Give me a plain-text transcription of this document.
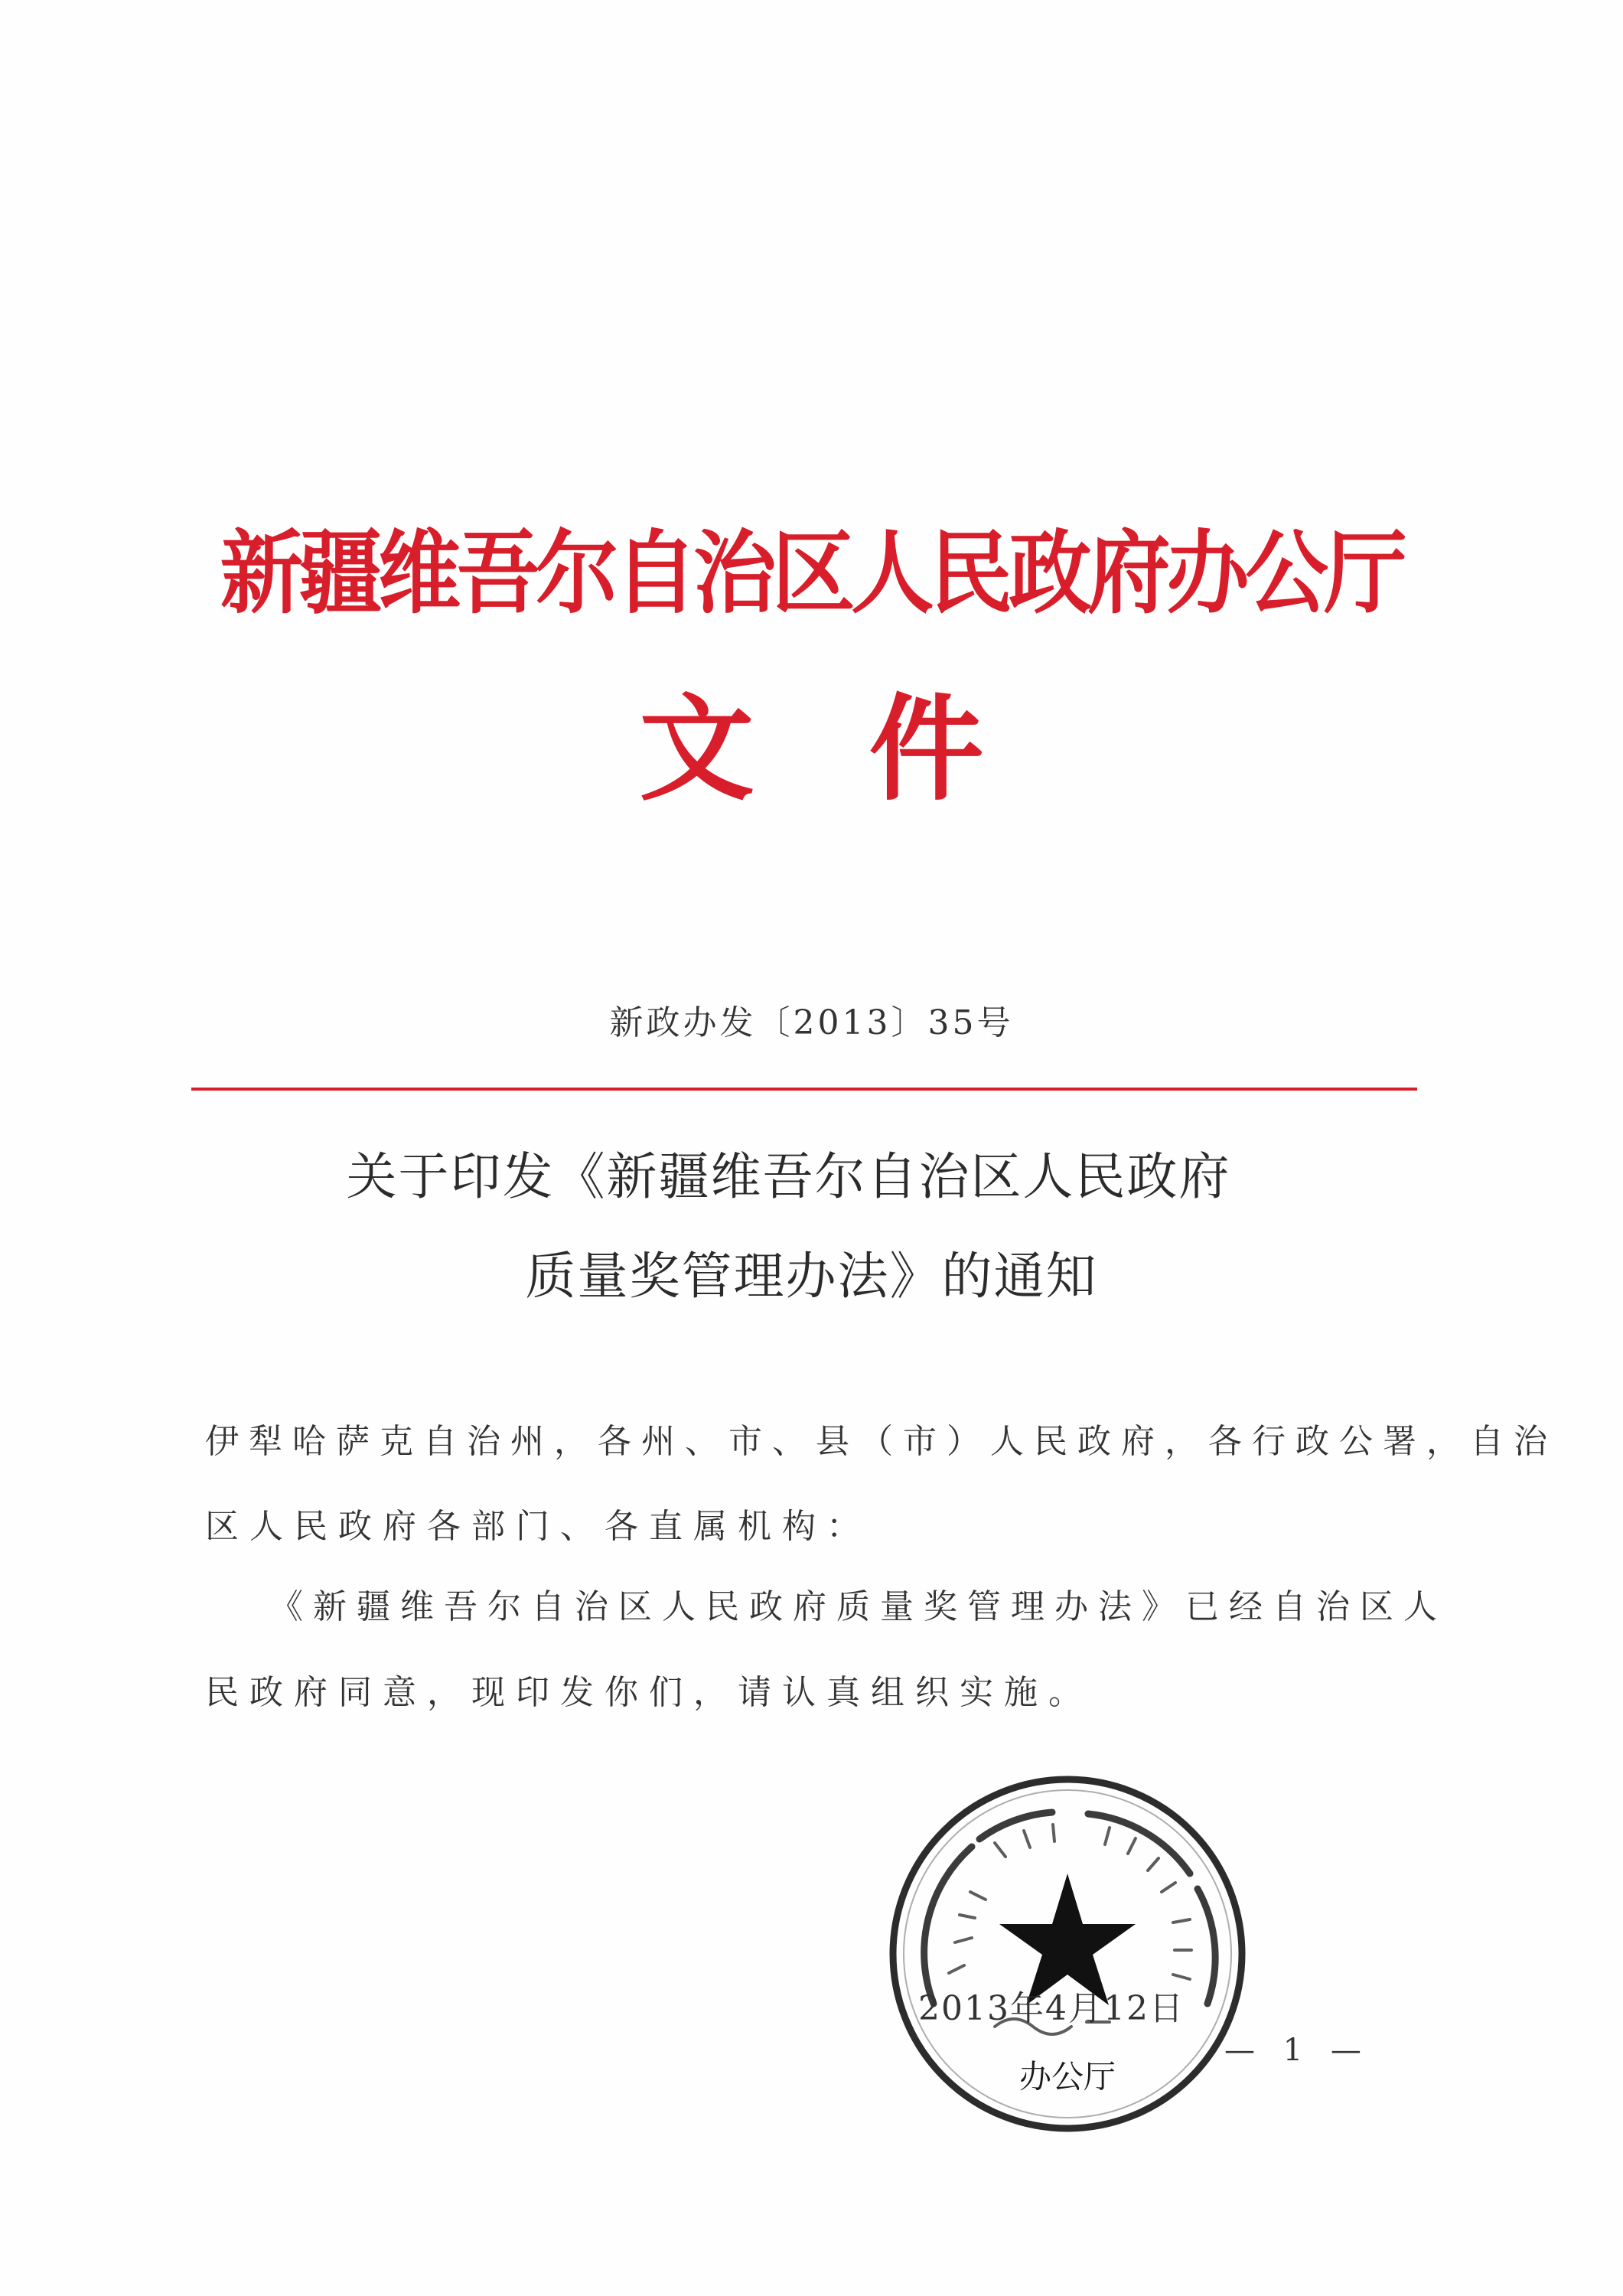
新疆维吾尔自治区人民政府办公厅
文件
新政办发〔2013〕35号
关于印发《新疆维吾尔自治区人民政府
质量奖管理办法》的通知
伊犁哈萨克自治州，各州、市、县（市）人民政府，各行政公署，自治
区人民政府各部门、各直属机构：
《新疆维吾尔自治区人民政府质量奖管理办法》已经自治区人
民政府同意，现印发你们，请认真组织实施。
办公厅
2013年4月12日
— 1 —
